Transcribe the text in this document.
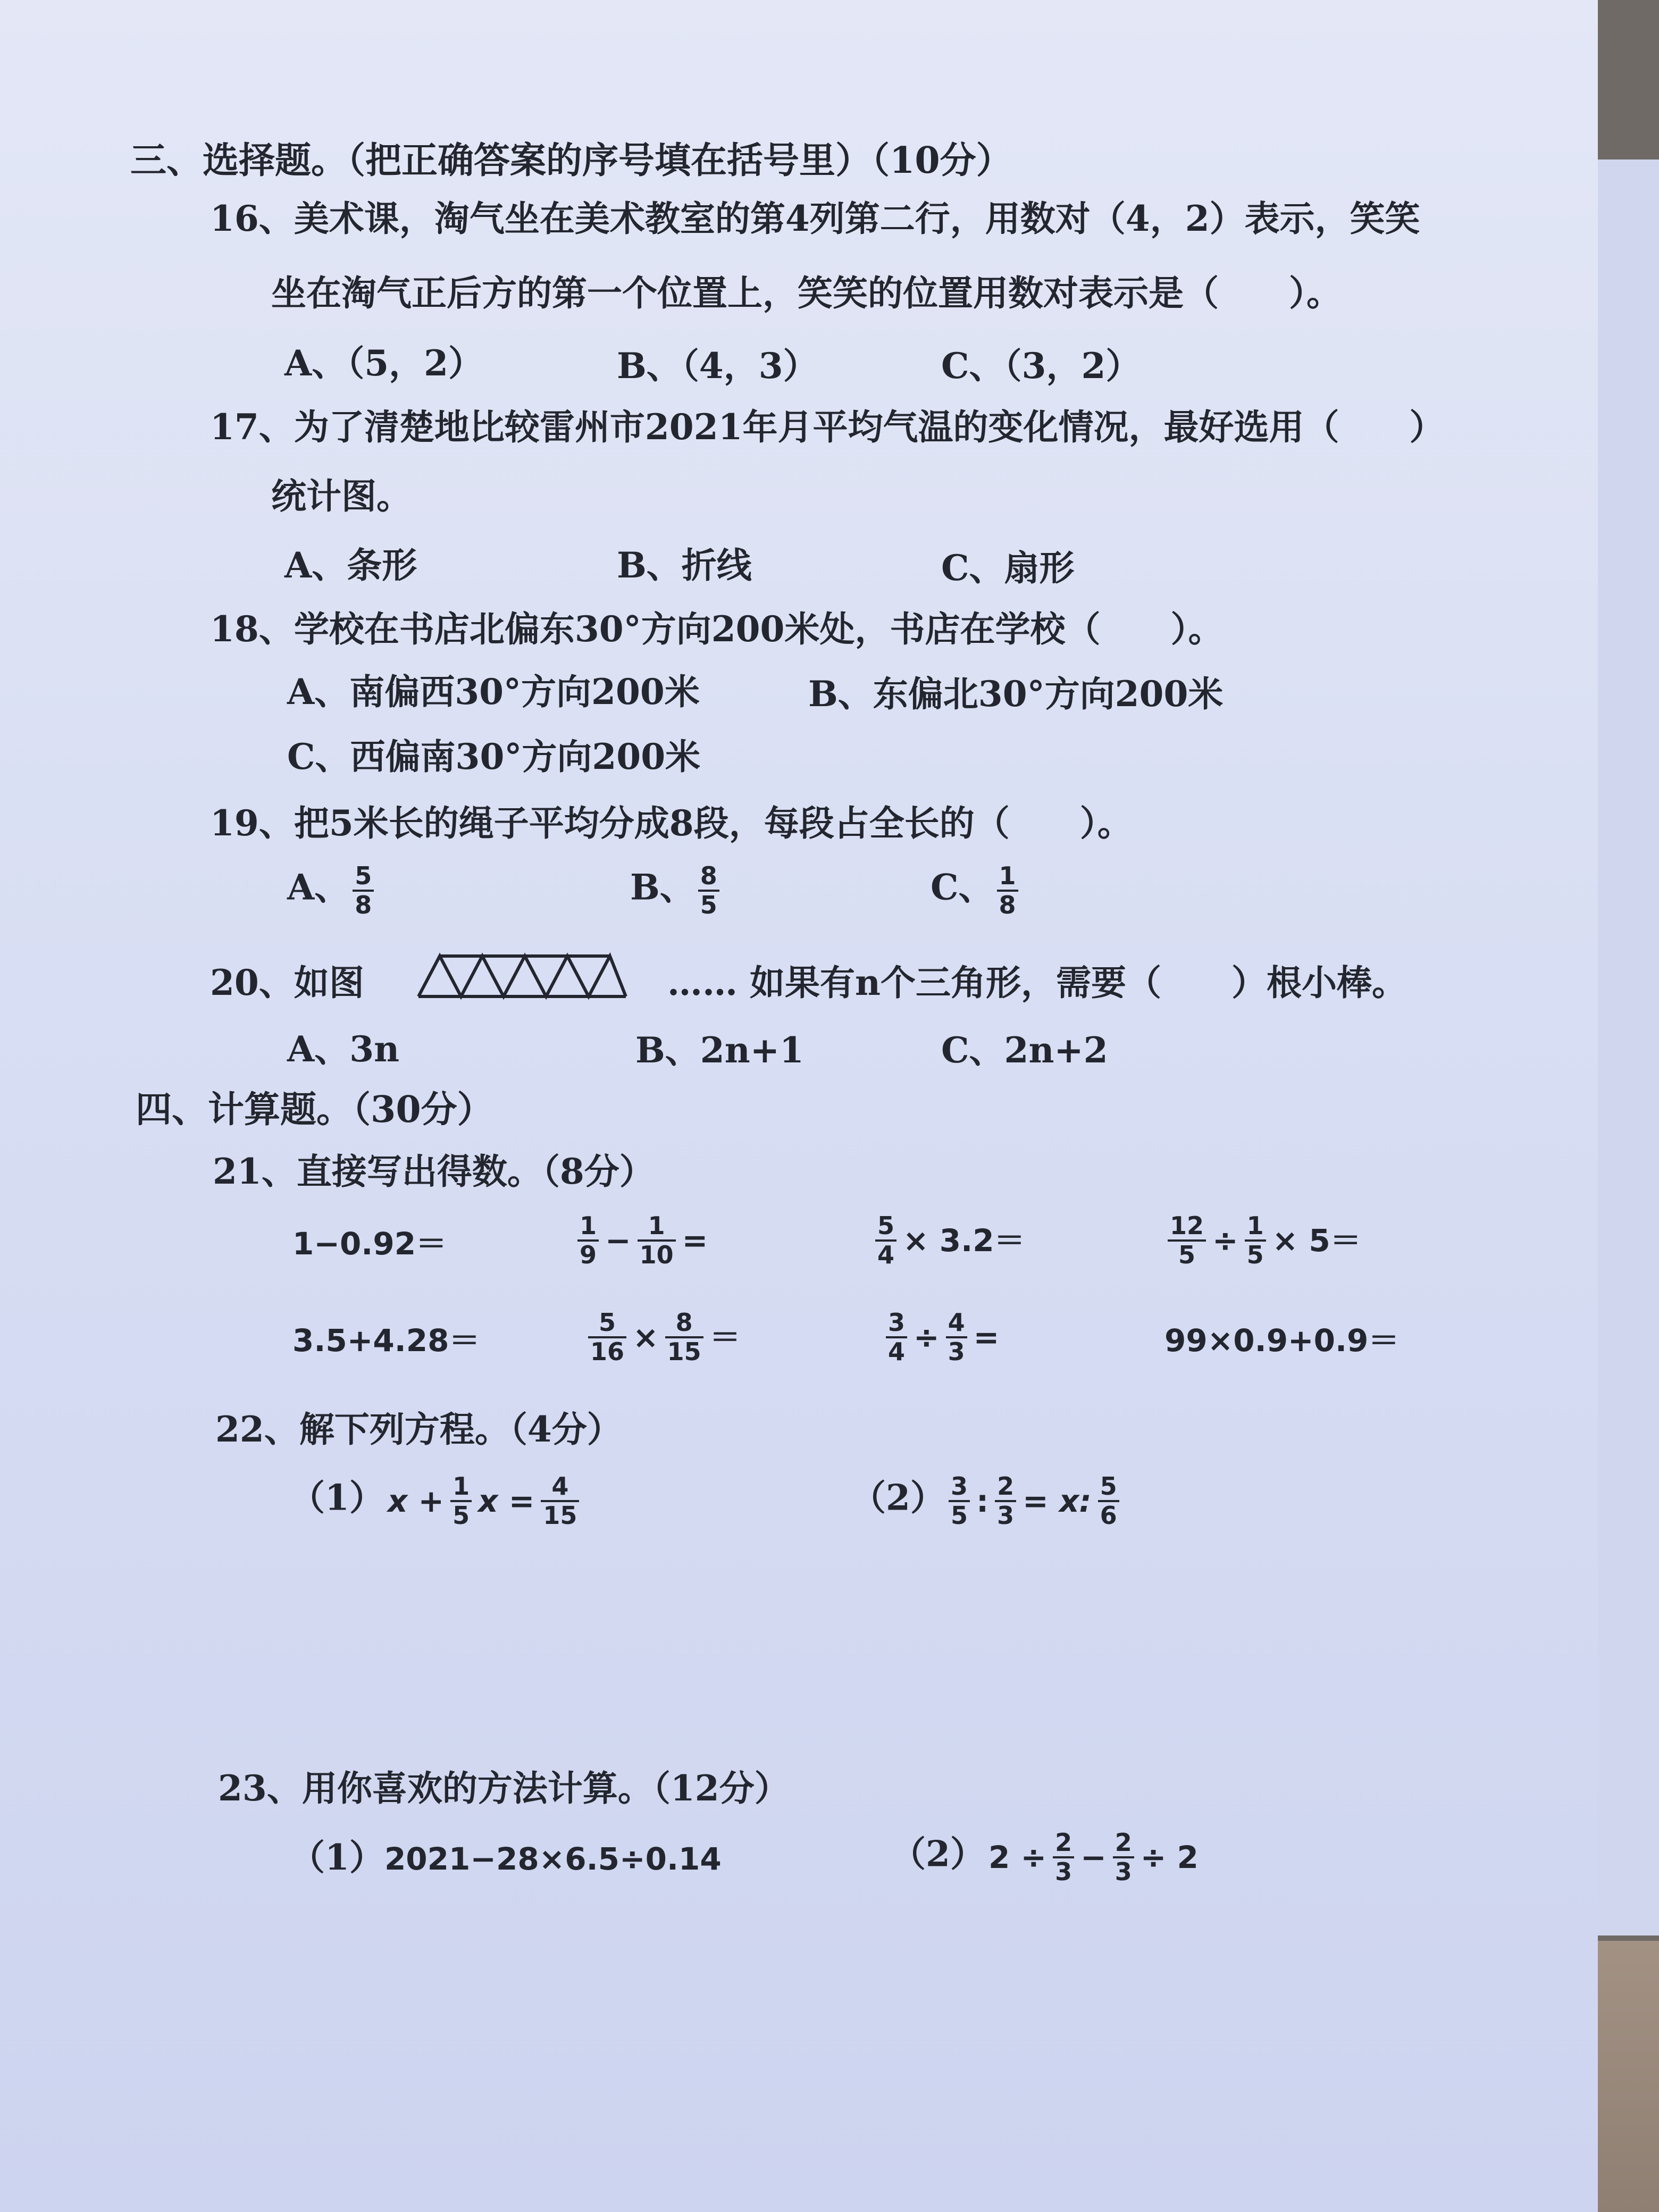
三、选择题。（把正确答案的序号填在括号里）（10分）
16、美术课，淘气坐在美术教室的第4列第二行，用数对（4，2）表示，笑笑
坐在淘气正后方的第一个位置上，笑笑的位置用数对表示是（　　）。
A、（5，2）	B、（4，3）	C、（3，2）
17、为了清楚地比较雷州市2021年月平均气温的变化情况，最好选用（　　）
统计图。
A、条形	B、折线	C、扇形
18、学校在书店北偏东30°方向200米处，书店在学校（　　）。
A、南偏西30°方向200米	B、东偏北30°方向200米
C、西偏南30°方向200米
19、把5米长的绳子平均分成8段，每段占全长的（　　）。
A、 $\frac{5}{8}$	B、 $\frac{8}{5}$	C、 $\frac{1}{8}$
20、如图	…… 如果有n个三角形，需要（　　）根小棒。
A、3n	B、2n+1	C、2n+2
四、计算题。（30分）
21、直接写出得数。（8分）
1−0.92＝	$\frac{1}{9} - \frac{1}{10}$ =	$\frac{5}{4} \times 3.2=$	$\frac{12}{5} \div \frac{1}{5} \times 5=$
3.5+4.28＝	$\frac{5}{16} \times \frac{8}{15}$ ＝	$\frac{3}{4} \div \frac{4}{3}$ =	99×0.9+0.9＝
22、解下列方程。（4分）
（1） $x + \frac{1}{5}$ $x = \frac{4}{15}$	$(2) \frac{3}{5}$ : $\frac{2}{3} = x$: $\frac{5}{6}$
23、用你喜欢的方法计算。（12分）
（1）2021−28×6.5÷0.14	（2） $2 \div \frac{2}{3} - \frac{2}{3} \div 2$
